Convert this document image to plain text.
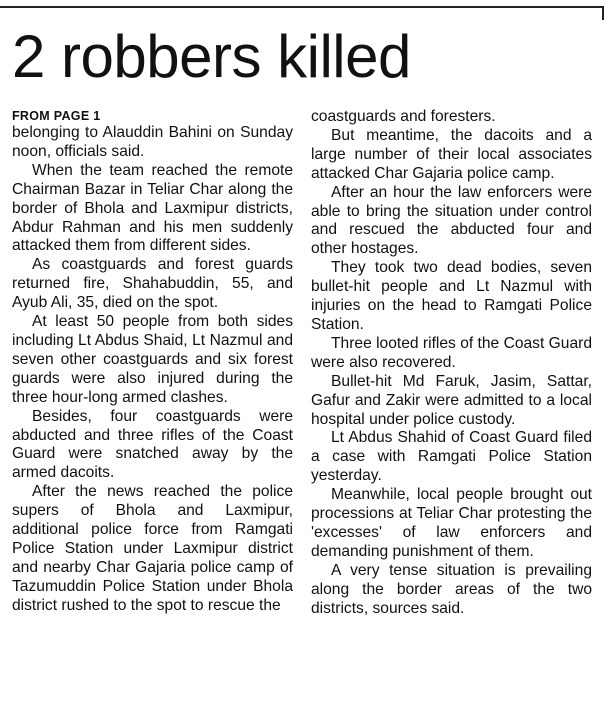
2 robbers killed

FROM PAGE 1
belonging to Alauddin Bahini on Sunday noon, officials said.

When the team reached the remote Chairman Bazar in Teliar Char along the border of Bhola and Laxmipur districts, Abdur Rahman and his men suddenly attacked them from different sides.

As coastguards and forest guards returned fire, Shahabuddin, 55, and Ayub Ali, 35, died on the spot.

At least 50 people from both sides including Lt Abdus Shaid, Lt Nazmul and seven other coastguards and six forest guards were also injured during the three hour-long armed clashes.

Besides, four coastguards were abducted and three rifles of the Coast Guard were snatched away by the armed dacoits.

After the news reached the police supers of Bhola and Laxmipur, additional police force from Ramgati Police Station under Laxmipur district and nearby Char Gajaria police camp of Tazumuddin Police Station under Bhola district rushed to the spot to rescue the

coastguards and foresters.

But meantime, the dacoits and a large number of their local associates attacked Char Gajaria police camp.

After an hour the law enforcers were able to bring the situation under control and rescued the abducted four and other hostages.

They took two dead bodies, seven bullet-hit people and Lt Nazmul with injuries on the head to Ramgati Police Station.

Three looted rifles of the Coast Guard were also recovered.

Bullet-hit Md Faruk, Jasim, Sattar, Gafur and Zakir were admitted to a local hospital under police custody.

Lt Abdus Shahid of Coast Guard filed a case with Ramgati Police Station yesterday.

Meanwhile, local people brought out processions at Teliar Char protesting the 'excesses' of law enforcers and demanding punishment of them.

A very tense situation is prevailing along the border areas of the two districts, sources said.
